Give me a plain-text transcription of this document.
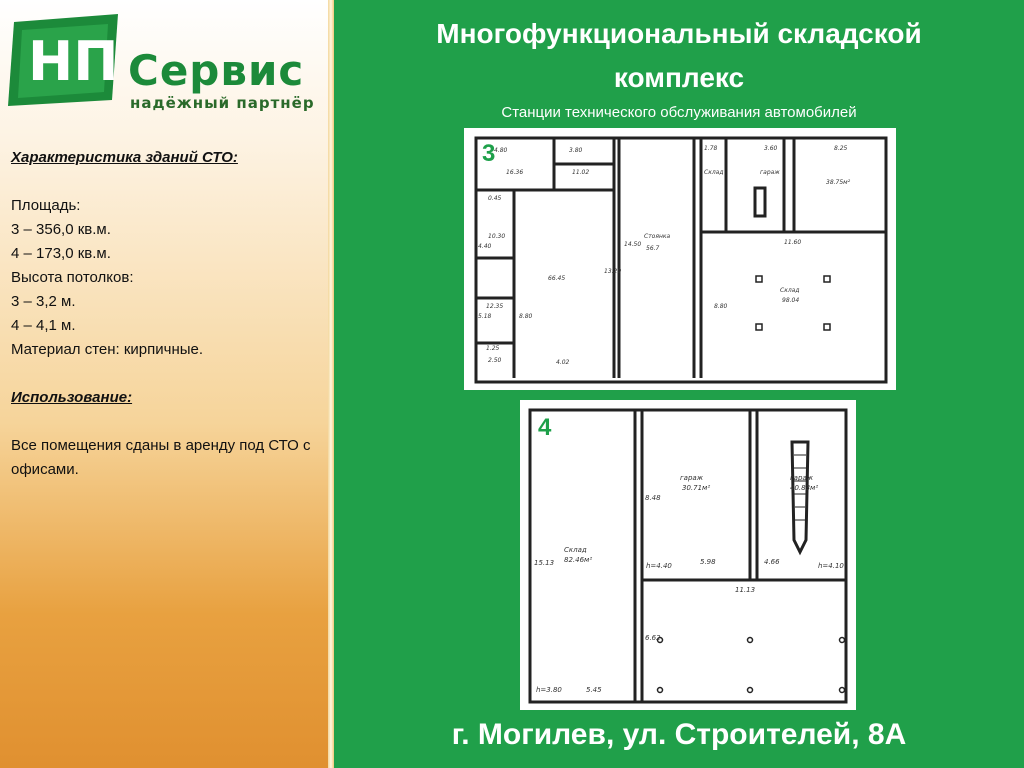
НП Сервис
надёжный партнёр
Характеристика зданий СТО:
Площадь:
3 – 356,0 кв.м.
4 – 173,0 кв.м.
Высота потолков:
3 – 3,2 м.
4 – 4,1 м.
Материал стен: кирпичные.
Использование:
Все помещения сданы в аренду под СТО с офисами.
Многофункциональный складской
комплекс
Станции технического обслуживания автомобилей
4.80	3.80
16.36	11.02
1.78	3.60	8.25
Склад	гараж
Стоянка
38.75м²
0.45
10.30
12.35
1.25
66.45
56.7
11.60
Склад
98.04
8.80
4.02
8.80
2.50
5.18
14.50
13.20
4.40
3
гараж
30.71м²
гараж
40.83м²
Склад
82.46м²
h=4.40	5.98	4.66	h=4.10
11.13
15.13
8.48
6.62
h=3.80	5.45
4
г. Могилев, ул. Строителей, 8А
